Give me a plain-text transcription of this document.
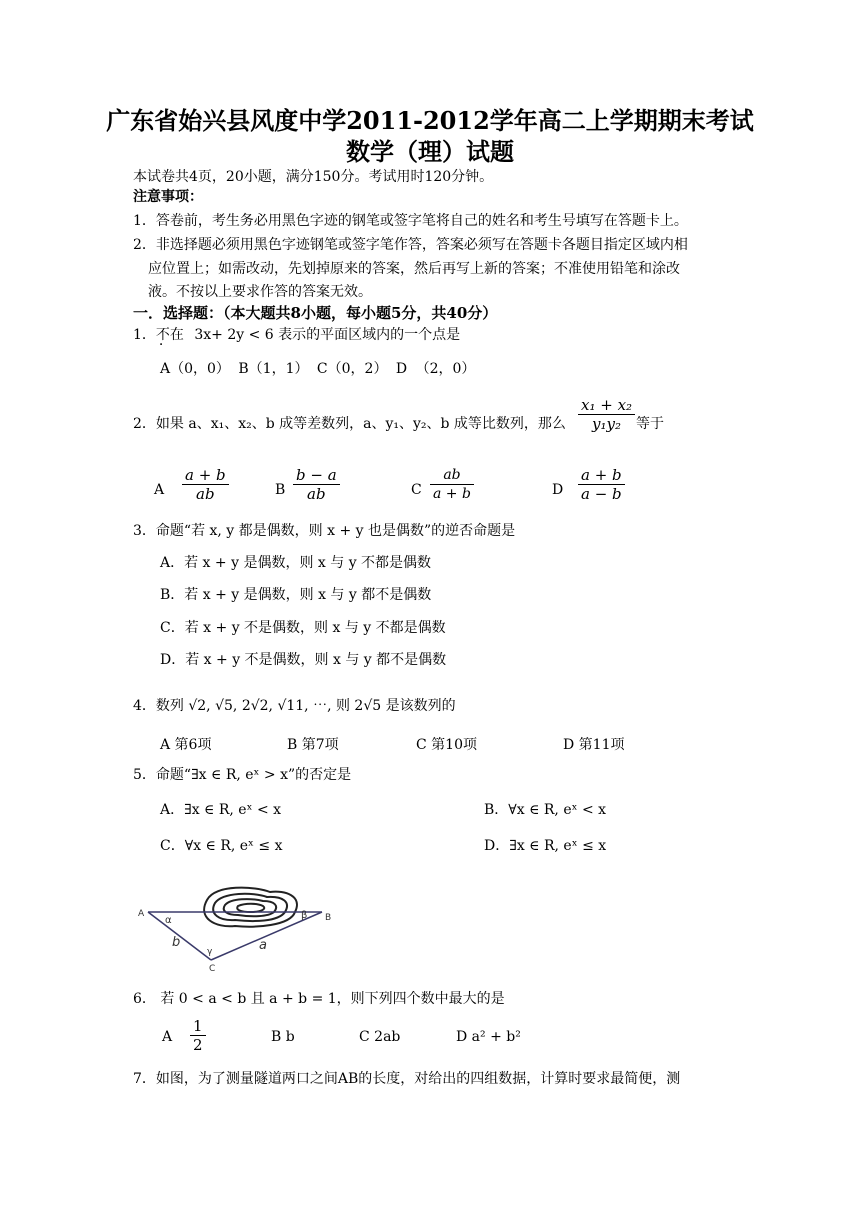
广东省始兴县风度中学2011-2012学年高二上学期期末考试
数学（理）试题
本试卷共4页，20小题，满分150分。考试用时120分钟。
注意事项：
1．答卷前，考生务必用黑色字迹的钢笔或签字笔将自己的姓名和考生号填写在答题卡上。
2．非选择题必须用黑色字迹钢笔或签字笔作答，答案必须写在答题卡各题目指定区域内相
应位置上；如需改动，先划掉原来的答案，然后再写上新的答案；不准使用铅笔和涂改
液。不按以上要求作答的答案无效。
一．选择题：（本大题共8小题，每小题5分，共40分）
1．不在 3x+ 2y < 6 表示的平面区域内的一个点是
A（0，0） B（1，1） C（0，2） D （2，0）
2．如果 a、x₁、x₂、b 成等差数列，a、y₁、y₂、b 成等比数列，那么 $\frac{\text{x₁ + x₂}}{\text{y₁y₂}}$ 等于
A $\frac{a + b}{ab}$	B $\frac{b - a}{ab}$	C $\frac{ab}{a + b}$	D $\frac{a + b}{a - b}$
3．命题“若 x, y 都是偶数，则 x + y 也是偶数”的逆否命题是
A．若 x + y 是偶数，则 x 与 y 不都是偶数
B．若 x + y 是偶数，则 x 与 y 都不是偶数
C．若 x + y 不是偶数，则 x 与 y 不都是偶数
D．若 x + y 不是偶数，则 x 与 y 都不是偶数
4．数列 √2, √5, 2√2, √11, ⋯, 则 2√5 是该数列的
A 第6项	B 第7项	C 第10项	D 第11项
5．命题“∃x ∈ R, eˣ > x”的否定是
A．∃x ∈ R, eˣ < x	B．∀x ∈ R, eˣ < x
C．∀x ∈ R, eˣ ≤ x	D．∃x ∈ R, eˣ ≤ x
A	B
C
α	β
γ	a
b
6． 若 0 < a < b 且 a + b = 1，则下列四个数中最大的是
A $\frac{1}{2}$	B b	C 2ab	D a² + b²
7．如图，为了测量隧道两口之间AB的长度，对给出的四组数据，计算时要求最简便，测
